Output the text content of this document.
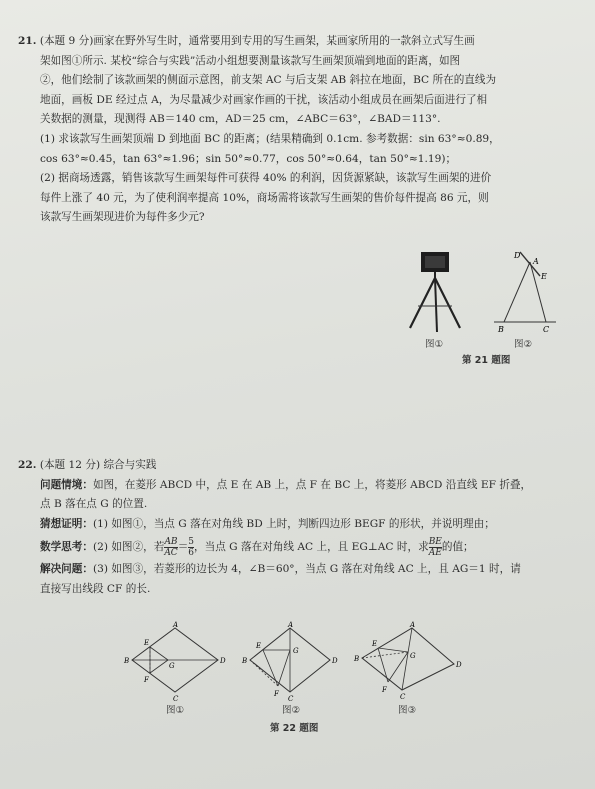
21. (本题 9 分)画家在野外写生时，通常要用到专用的写生画架，某画家所用的一款斜立式写生画

架如图①所示. 某校“综合与实践”活动小组想要测量该款写生画架顶端到地面的距离，如图

②，他们绘制了该款画架的侧面示意图，前支架 AC 与后支架 AB 斜拉在地面，BC 所在的直线为

地面，画板 DE 经过点 A，为尽量减少对画家作画的干扰，该活动小组成员在画架后面进行了相

关数据的测量，现测得 AB＝140 cm，AD＝25 cm，∠ABC＝63°，∠BAD＝113°.

(1) 求该款写生画架顶端 D 到地面 BC 的距离；(结果精确到 0.1cm. 参考数据：sin 63°≈0.89，

cos 63°≈0.45，tan 63°≈1.96；sin 50°≈0.77，cos 50°≈0.64，tan 50°≈1.19)；

(2) 据商场透露，销售该款写生画架每件可获得 40% 的利润，因货源紧缺，该款写生画架的进价

每件上涨了 40 元，为了使利润率提高 10%，商场需将该款写生画架的售价每件提高 86 元，则

该款写生画架现进价为每件多少元?

图①
D
A
E
B	C
图②
第 21 题图

22. (本题 12 分) 综合与实践

问题情境：如图，在菱形 ABCD 中，点 E 在 AB 上，点 F 在 BC 上，将菱形 ABCD 沿直线 EF 折叠，

点 B 落在点 G 的位置.

猜想证明：(1) 如图①，当点 G 落在对角线 BD 上时，判断四边形 BEGF 的形状，并说明理由；

数学思考：(2) 如图②，若 $\frac{AB}{AC} = \frac{5}{6}$ ，当点 G 落在对角线 AC 上，且 EG⊥AC 时，求 $\frac{BE}{AE}$ 的值；

解决问题：(3) 如图③，若菱形的边长为 4，∠B＝60°，当点 G 落在对角线 AC 上，且 AG＝1 时，请

直接写出线段 CF 的长.

A
B
C
D
E
F
G
图①
A
B
C
D
E
F
G
图②
A
B
C
D
E
F
G
图③
第 22 题图
